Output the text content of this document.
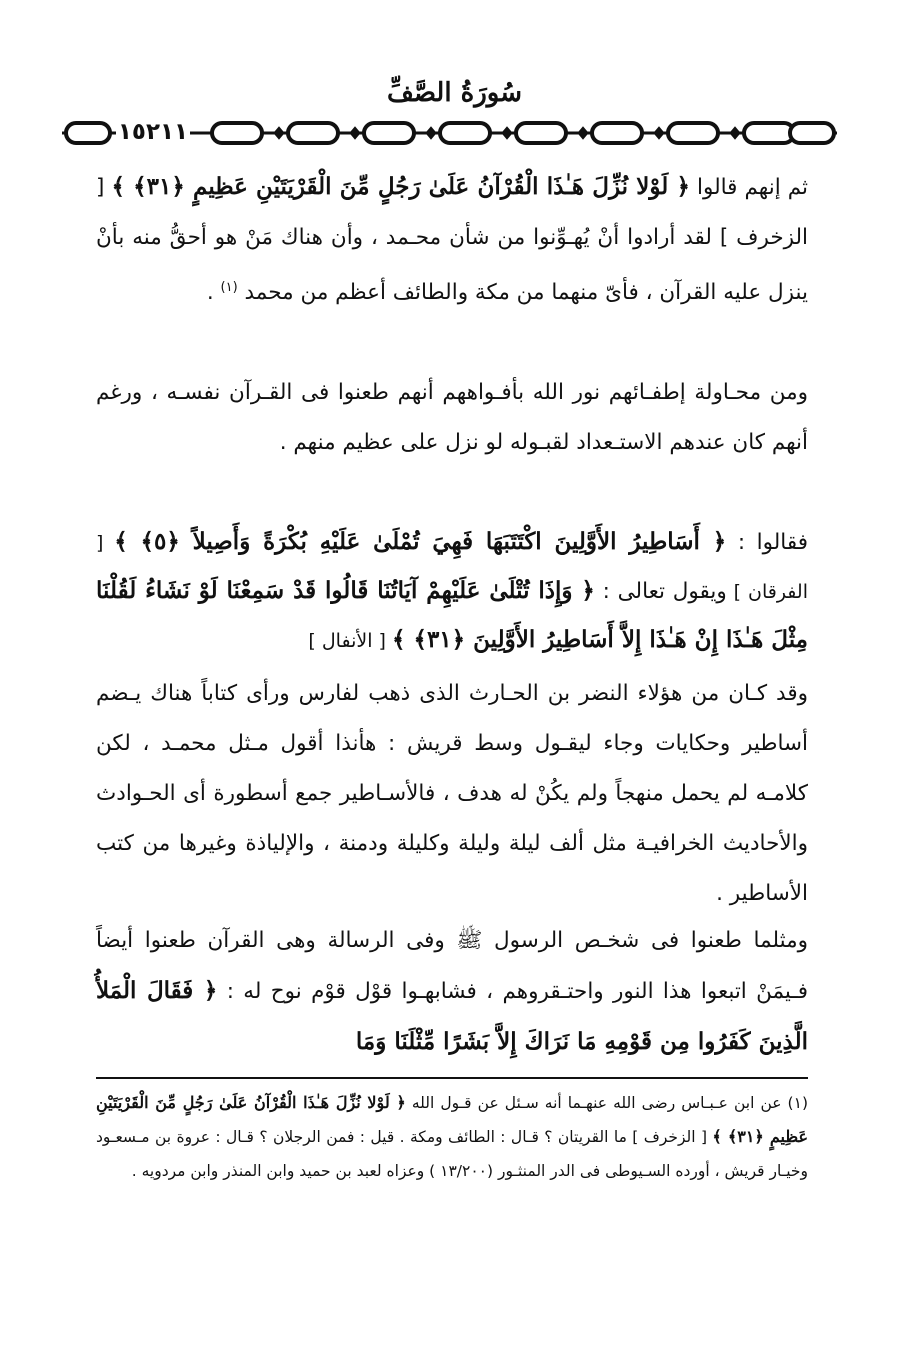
سُورَةُ الصَّفِّ
١٥٢١١
ثم إنهم قالوا ﴿ لَوْلا نُزِّلَ هَـٰذَا الْقُرْآنُ عَلَىٰ رَجُلٍ مِّنَ الْقَرْيَتَيْنِ عَظِيمٍ ﴿٣١﴾ ﴾ [ الزخرف ] لقد أرادوا أنْ يُهـوِّنوا من شأن محـمد ، وأن هناك مَنْ هو أحقُّ منه بأنْ ينزل عليه القرآن ، فأىّ منهما من مكة والطائف أعظم من محمد $^{(١)}$ .
ومن محـاولة إطفـائهم نور الله بأفـواههم أنهم طعنوا فى القـرآن نفسـه ، ورغم أنهم كان عندهم الاستـعداد لقبـوله لو نزل على عظيم منهم .
فقالوا : ﴿ أَسَاطِيرُ الأَوَّلِينَ اكْتَتَبَهَا فَهِيَ تُمْلَىٰ عَلَيْهِ بُكْرَةً وَأَصِيلاً ﴿٥﴾ ﴾ [ الفرقان ] ويقول تعالى : ﴿ وَإِذَا تُتْلَىٰ عَلَيْهِمْ آيَاتُنَا قَالُوا قَدْ سَمِعْنَا لَوْ نَشَاءُ لَقُلْنَا مِثْلَ هَـٰذَا إِنْ هَـٰذَا إِلاَّ أَسَاطِيرُ الأَوَّلِينَ ﴿٣١﴾ ﴾ [ الأنفال ]
وقد كـان من هؤلاء النضر بن الحـارث الذى ذهب لفارس ورأى كتاباً هناك يـضم أساطير وحكايات وجاء ليقـول وسط قريش : هأنذا أقول مـثل محمـد ، لكن كلامـه لم يحمل منهجاً ولم يكُنْ له هدف ، فالأسـاطير جمع أسطورة أى الحـوادث والأحاديث الخرافيـة مثل ألف ليلة وليلة وكليلة ودمنة ، والإلياذة وغيرها من كتب الأساطير .
ومثلما طعنوا فى شخـص الرسول ﷺ وفى الرسالة وهى القرآن طعنوا أيضاً فـيمَنْ اتبعوا هذا النور واحتـقروهم ، فشابهـوا قوْل قوْم نوح له : ﴿ فَقَالَ الْمَلأُ الَّذِينَ كَفَرُوا مِن قَوْمِهِ مَا نَرَاكَ إِلاَّ بَشَرًا مِّثْلَنَا وَمَا
(١) عن ابن عـبـاس رضى الله عنهـما أنه سـئل عن قـول الله ﴿ لَوْلا نُزِّلَ هَـٰذَا الْقُرْآنُ عَلَىٰ رَجُلٍ مِّنَ الْقَرْيَتَيْنِ عَظِيمٍ ﴿٣١﴾ ﴾ [ الزخرف ] ما القريتان ؟ قـال : الطائف ومكة . قيل : فمن الرجلان ؟ قـال : عروة بن مـسعـود وخيـار قريش ، أورده السـيوطى فى الدر المنثـور (١٣/٢٠٠ ) وعزاه لعبد بن حميد وابن المنذر وابن مردويه .
